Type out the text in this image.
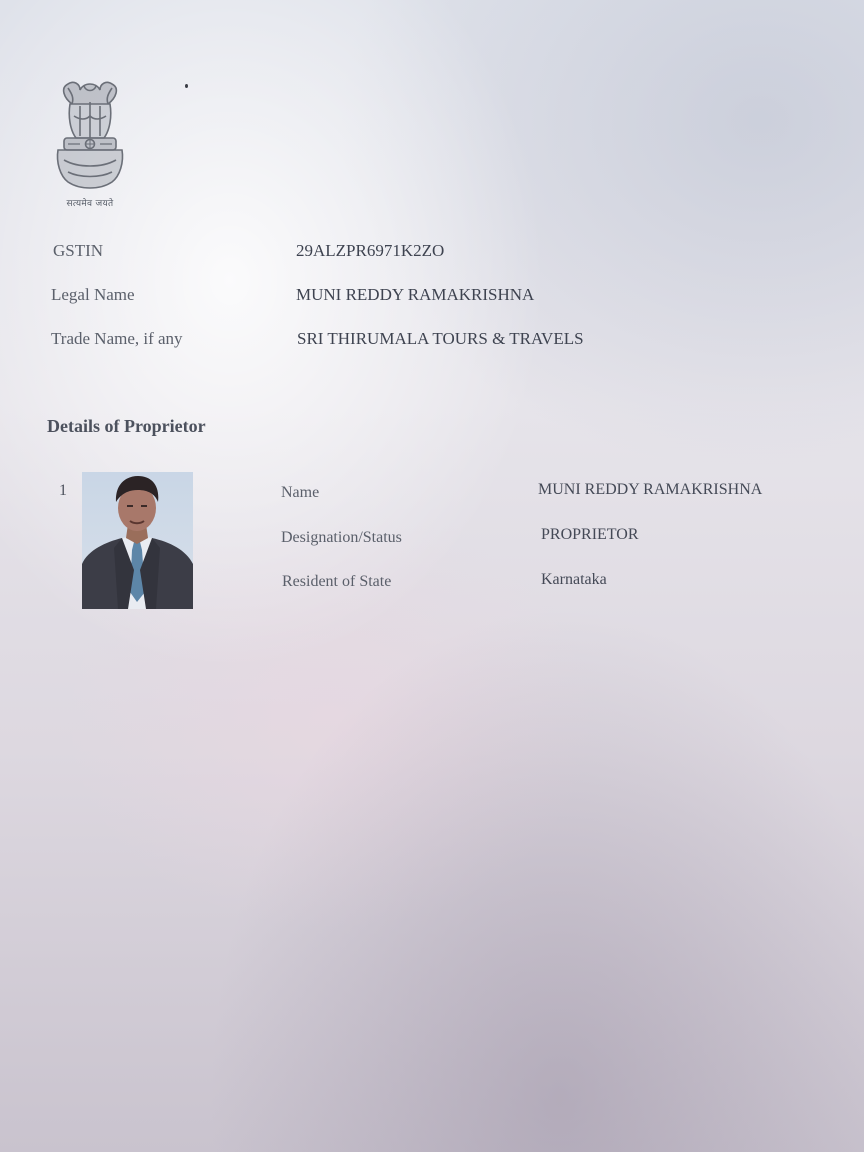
सत्यमेव जयते
GSTIN	29ALZPR6971K2ZO
Legal Name	MUNI REDDY RAMAKRISHNA
Trade Name, if any	SRI THIRUMALA TOURS & TRAVELS
Details of Proprietor
1	Name	MUNI REDDY RAMAKRISHNA
Designation/Status	PROPRIETOR
Resident of State	Karnataka
